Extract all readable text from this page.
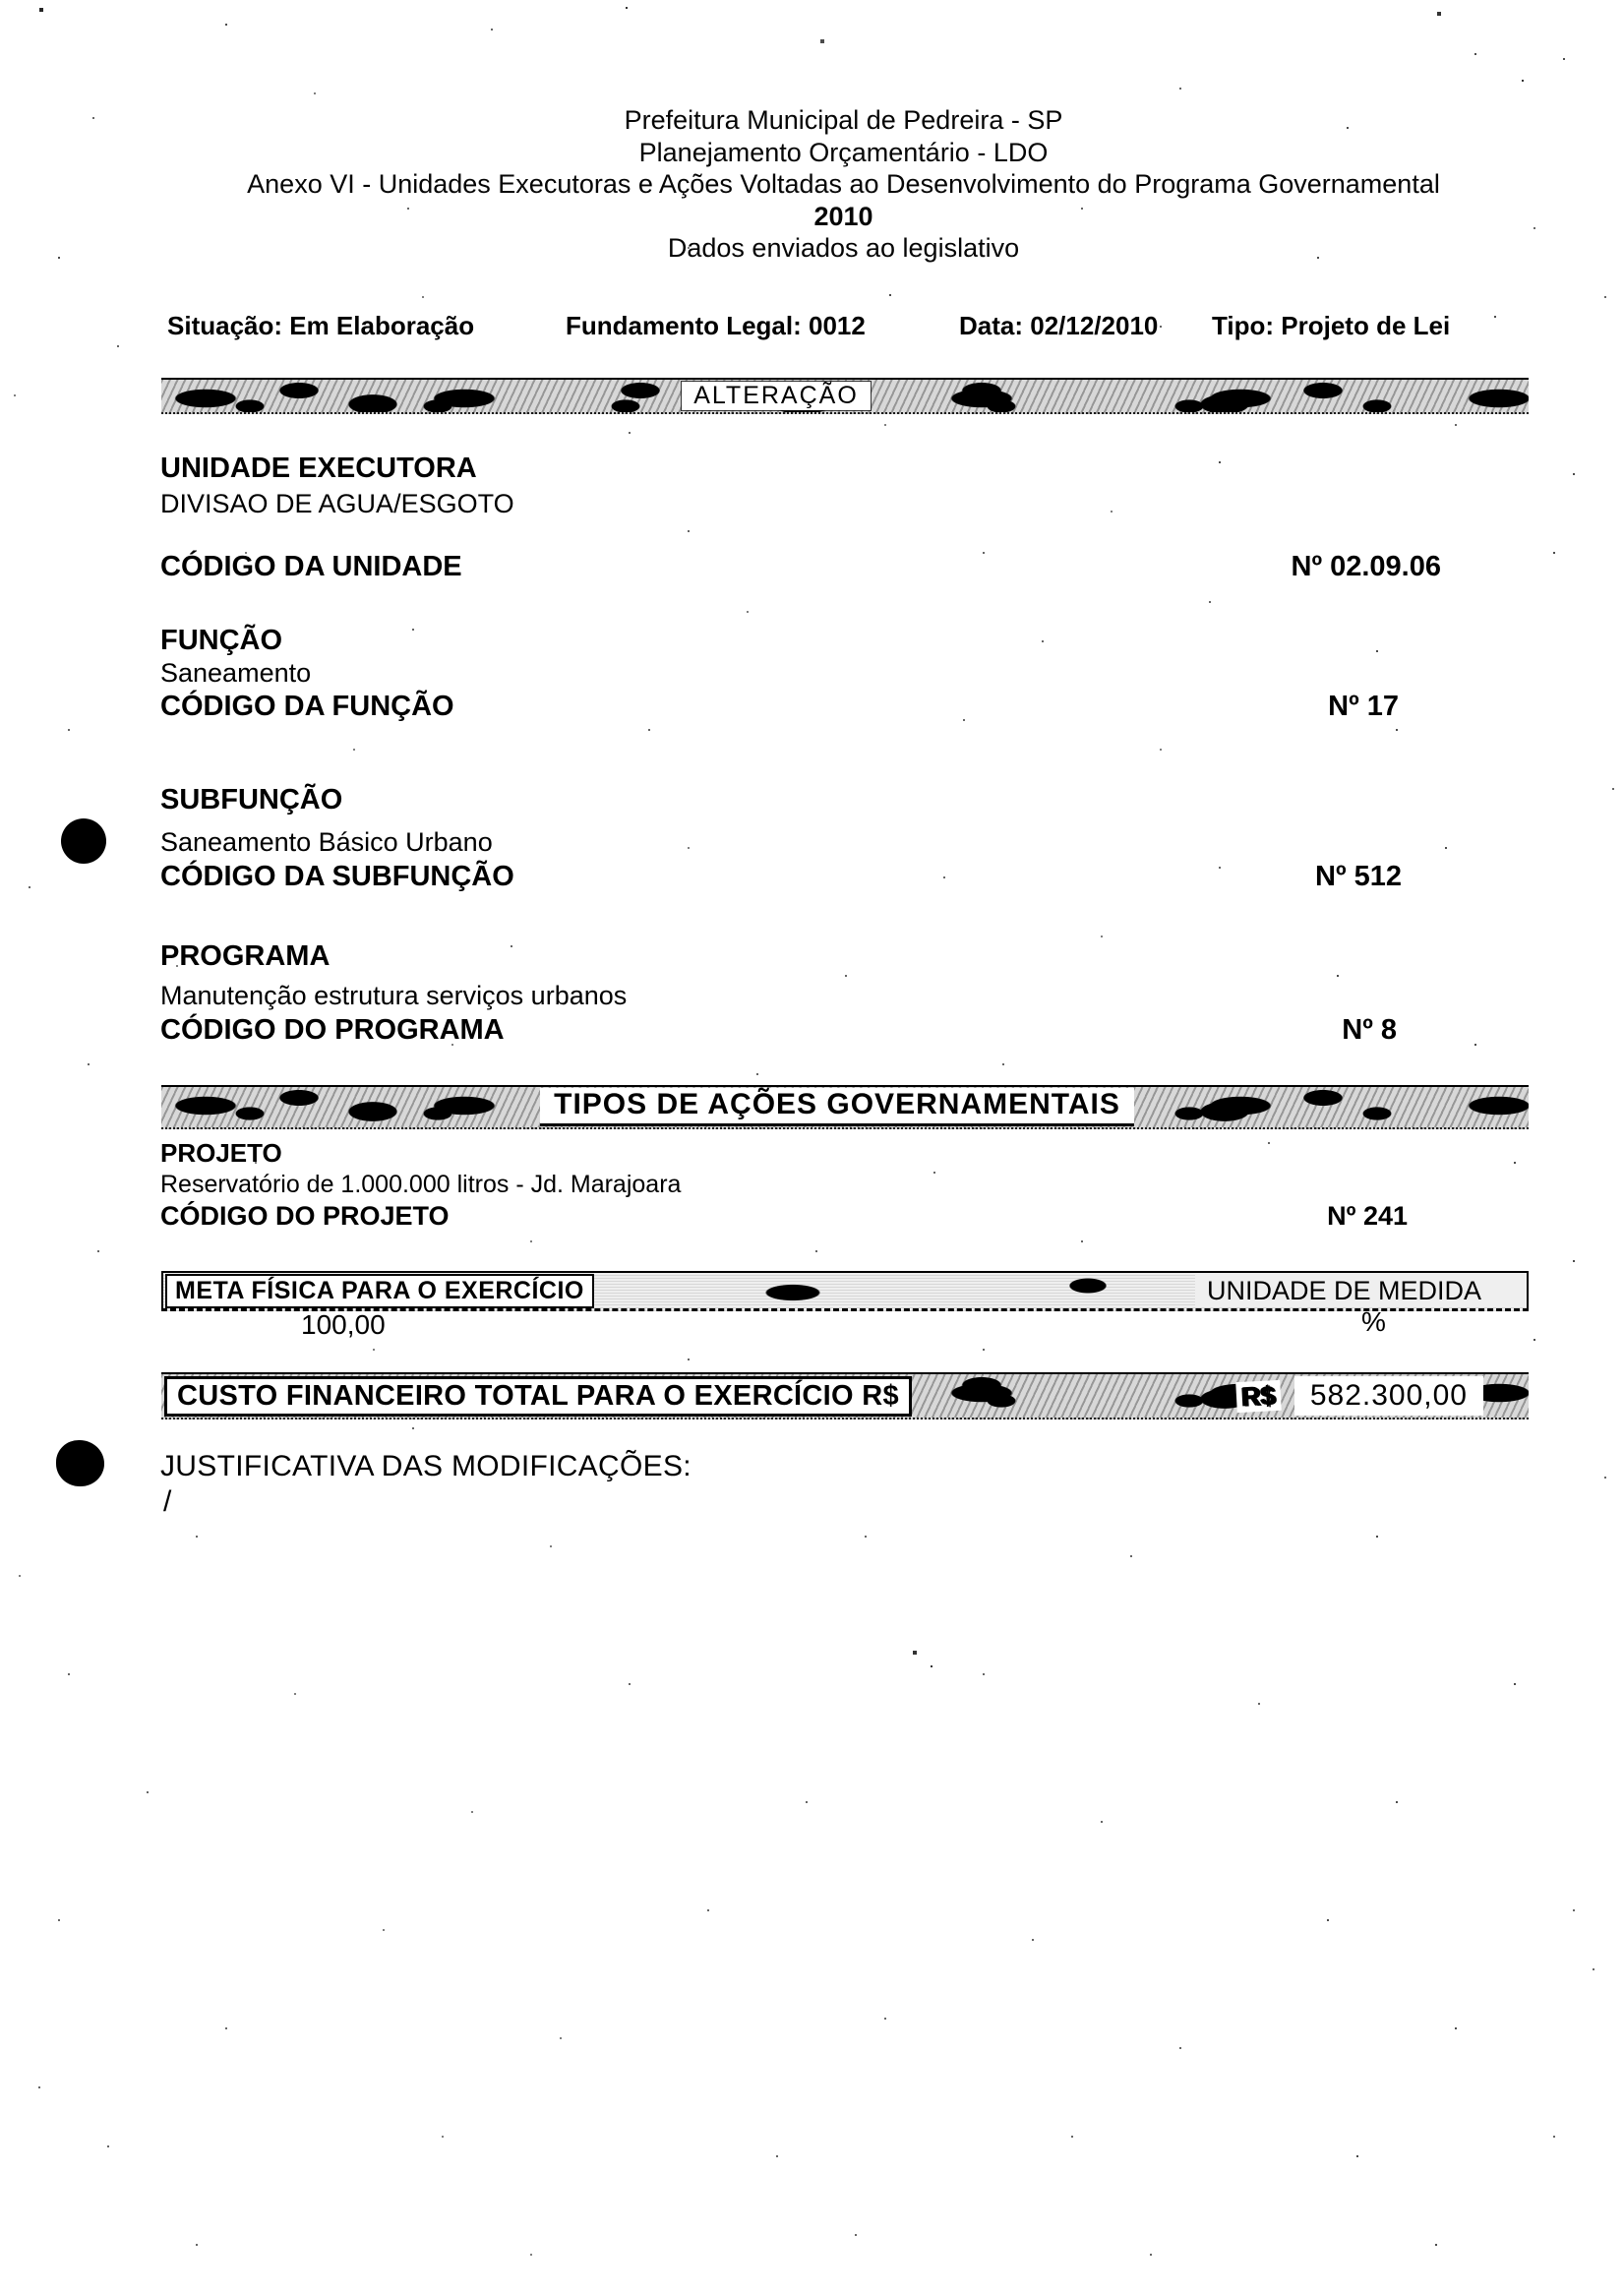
Prefeitura Municipal de Pedreira - SP
Planejamento Orçamentário - LDO
Anexo VI - Unidades Executoras e Ações Voltadas ao Desenvolvimento do Programa Governamental
2010
Dados enviados ao legislativo
Situação: Em Elaboração	Fundamento Legal: 0012	Data: 02/12/2010 Tipo: Projeto de Lei
ALTERAÇÃO
UNIDADE EXECUTORA
DIVISAO DE AGUA/ESGOTO
CÓDIGO DA UNIDADE	Nº 02.09.06
FUNÇÃO
Saneamento
CÓDIGO DA FUNÇÃO	Nº 17
SUBFUNÇÃO
Saneamento Básico Urbano
CÓDIGO DA SUBFUNÇÃO	Nº 512
PROGRAMA
Manutenção estrutura serviços urbanos
CÓDIGO DO PROGRAMA	Nº 8
TIPOS DE AÇÕES GOVERNAMENTAIS
PROJETO
Reservatório de 1.000.000 litros - Jd. Marajoara
CÓDIGO DO PROJETO	Nº 241
META FÍSICA PARA O EXERCÍCIO	UNIDADE DE MEDIDA
100,00	%
CUSTO FINANCEIRO TOTAL PARA O EXERCÍCIO R$	R$	582.300,00
JUSTIFICATIVA DAS MODIFICAÇÕES:
/
